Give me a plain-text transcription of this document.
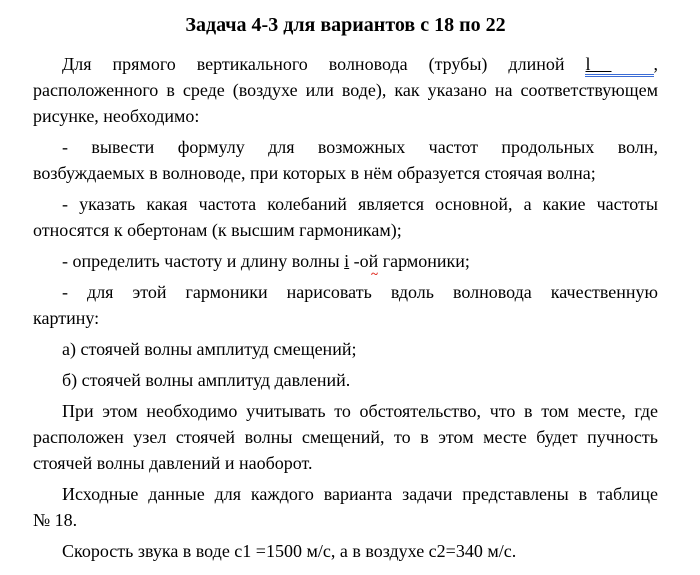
Задача 4-3 для вариантов с 18 по 22

Для прямого вертикального волновода (трубы) длиной l   ,
расположенного в среде (воздухе или воде), как указано на соответствующем
рисунке, необходимо:

- вывести формулу для возможных частот продольных волн,
возбуждаемых в волноводе, при которых в нём образуется стоячая волна;

- указать какая частота колебаний является основной, а какие частоты
относятся к обертонам (к высшим гармоникам);

- определить частоту и длину волны i ~ -ой гармоники;

- для этой гармоники нарисовать вдоль волновода качественную
картину:

а) стоячей волны амплитуд смещений;

б) стоячей волны амплитуд давлений.

При этом необходимо учитывать то обстоятельство, что в том месте, где
расположен узел стоячей волны смещений, то в этом месте будет пучность
стоячей волны давлений и наоборот.

Исходные данные для каждого варианта задачи представлены в таблице
№ 18.

Скорость звука в воде c1 =1500 м/с, а в воздухе c2=340 м/с.
